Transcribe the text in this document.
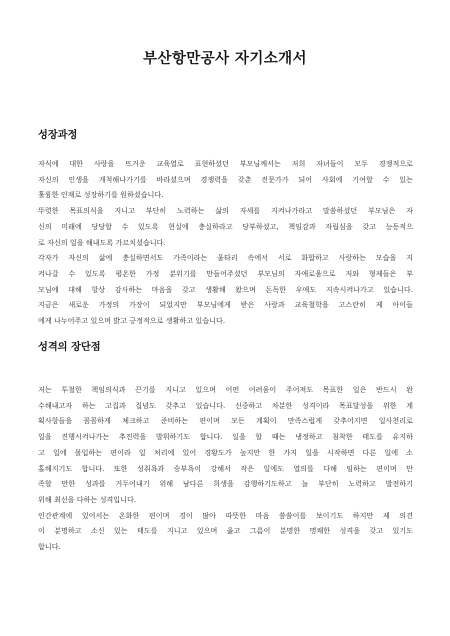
부산항만공사 자기소개서
성장과정
자식에 대한 사랑을 뜨거운 교육열로 표현하셨던 부모님께서는 저희 자녀들이 모두 경쟁적으로
자신의 인생을 개척해나가기를 바라셨으며 경쟁력을 갖춘 전문가가 되어 사회에 기여할 수 있는
훌륭한 인재로 성장하기를 원하셨습니다.
뚜렷한 목표의식을 지니고 부단히 노력하는 삶의 자세를 지켜나가라고 말씀하셨던 부모님은 자
신의 미래에 당당할 수 있도록 현실에 충실하라고 당부하셨고, 책임감과 자립심을 갖고 능동적으
로 자신의 일을 해내도록 가르치셨습니다.
각자가 자신의 삶에 충실하면서도 가족이라는 울타리 속에서 서로 화합하고 사랑하는 모습을 지
켜나갈 수 있도록 평온한 가정 분위기를 만들어주셨던 부모님의 자애로움으로 저와 형제들은 부
모님에 대해 항상 감사하는 마음을 갖고 생활해 왔으며 돈독한 우애도 지속시켜나가고 있습니다.
지금은 새로운 가정의 가장이 되었지만 부모님에게 받은 사랑과 교육철학을 고스란히 제 아이들
에게 나누어주고 있으며 밝고 긍정적으로 생활하고 있습니다.
성격의 장단점
저는 투철한 책임의식과 끈기를 지니고 있으며 어떤 어려움이 주어져도 목표한 일은 반드시 완
수해내고자 하는 고집과 집념도 갖추고 있습니다. 신중하고 차분한 성격이라 목표달성을 위한 계
획사항들을 꼼꼼하게 체크하고 준비하는 편이며 모든 계획이 만족스럽게 갖추어지면 일사천리로
일을 진행시켜나가는 추진력을 발휘하기도 합니다. 일을 할 때는 냉정하고 침착한 태도를 유지하
고 일에 몰입하는 편이라 일 처리에 있어 경황도가 높지만 한 가지 일을 시작하면 다른 일에 소
홀해지기도 합니다. 또한 성취욕과 승부욕이 강해서 작은 일에도 열의를 다해 임하는 편이며 만
족할 만한 성과를 거두어내기 위해 남다른 희생을 감행하기도하고 늘 부단히 노력하고 발전하기
위해 최선을 다하는 성격입니다.
인간관계에 있어서는 온화한 편이며 경이 많아 따뜻한 마음 씀씀이를 보이기도 하지만 제 의견
이 분명하고 소신 있는 태도를 지니고 있으며 옳고 그름이 분명한 명쾌한 성격을 갖고 있기도
합니다.
